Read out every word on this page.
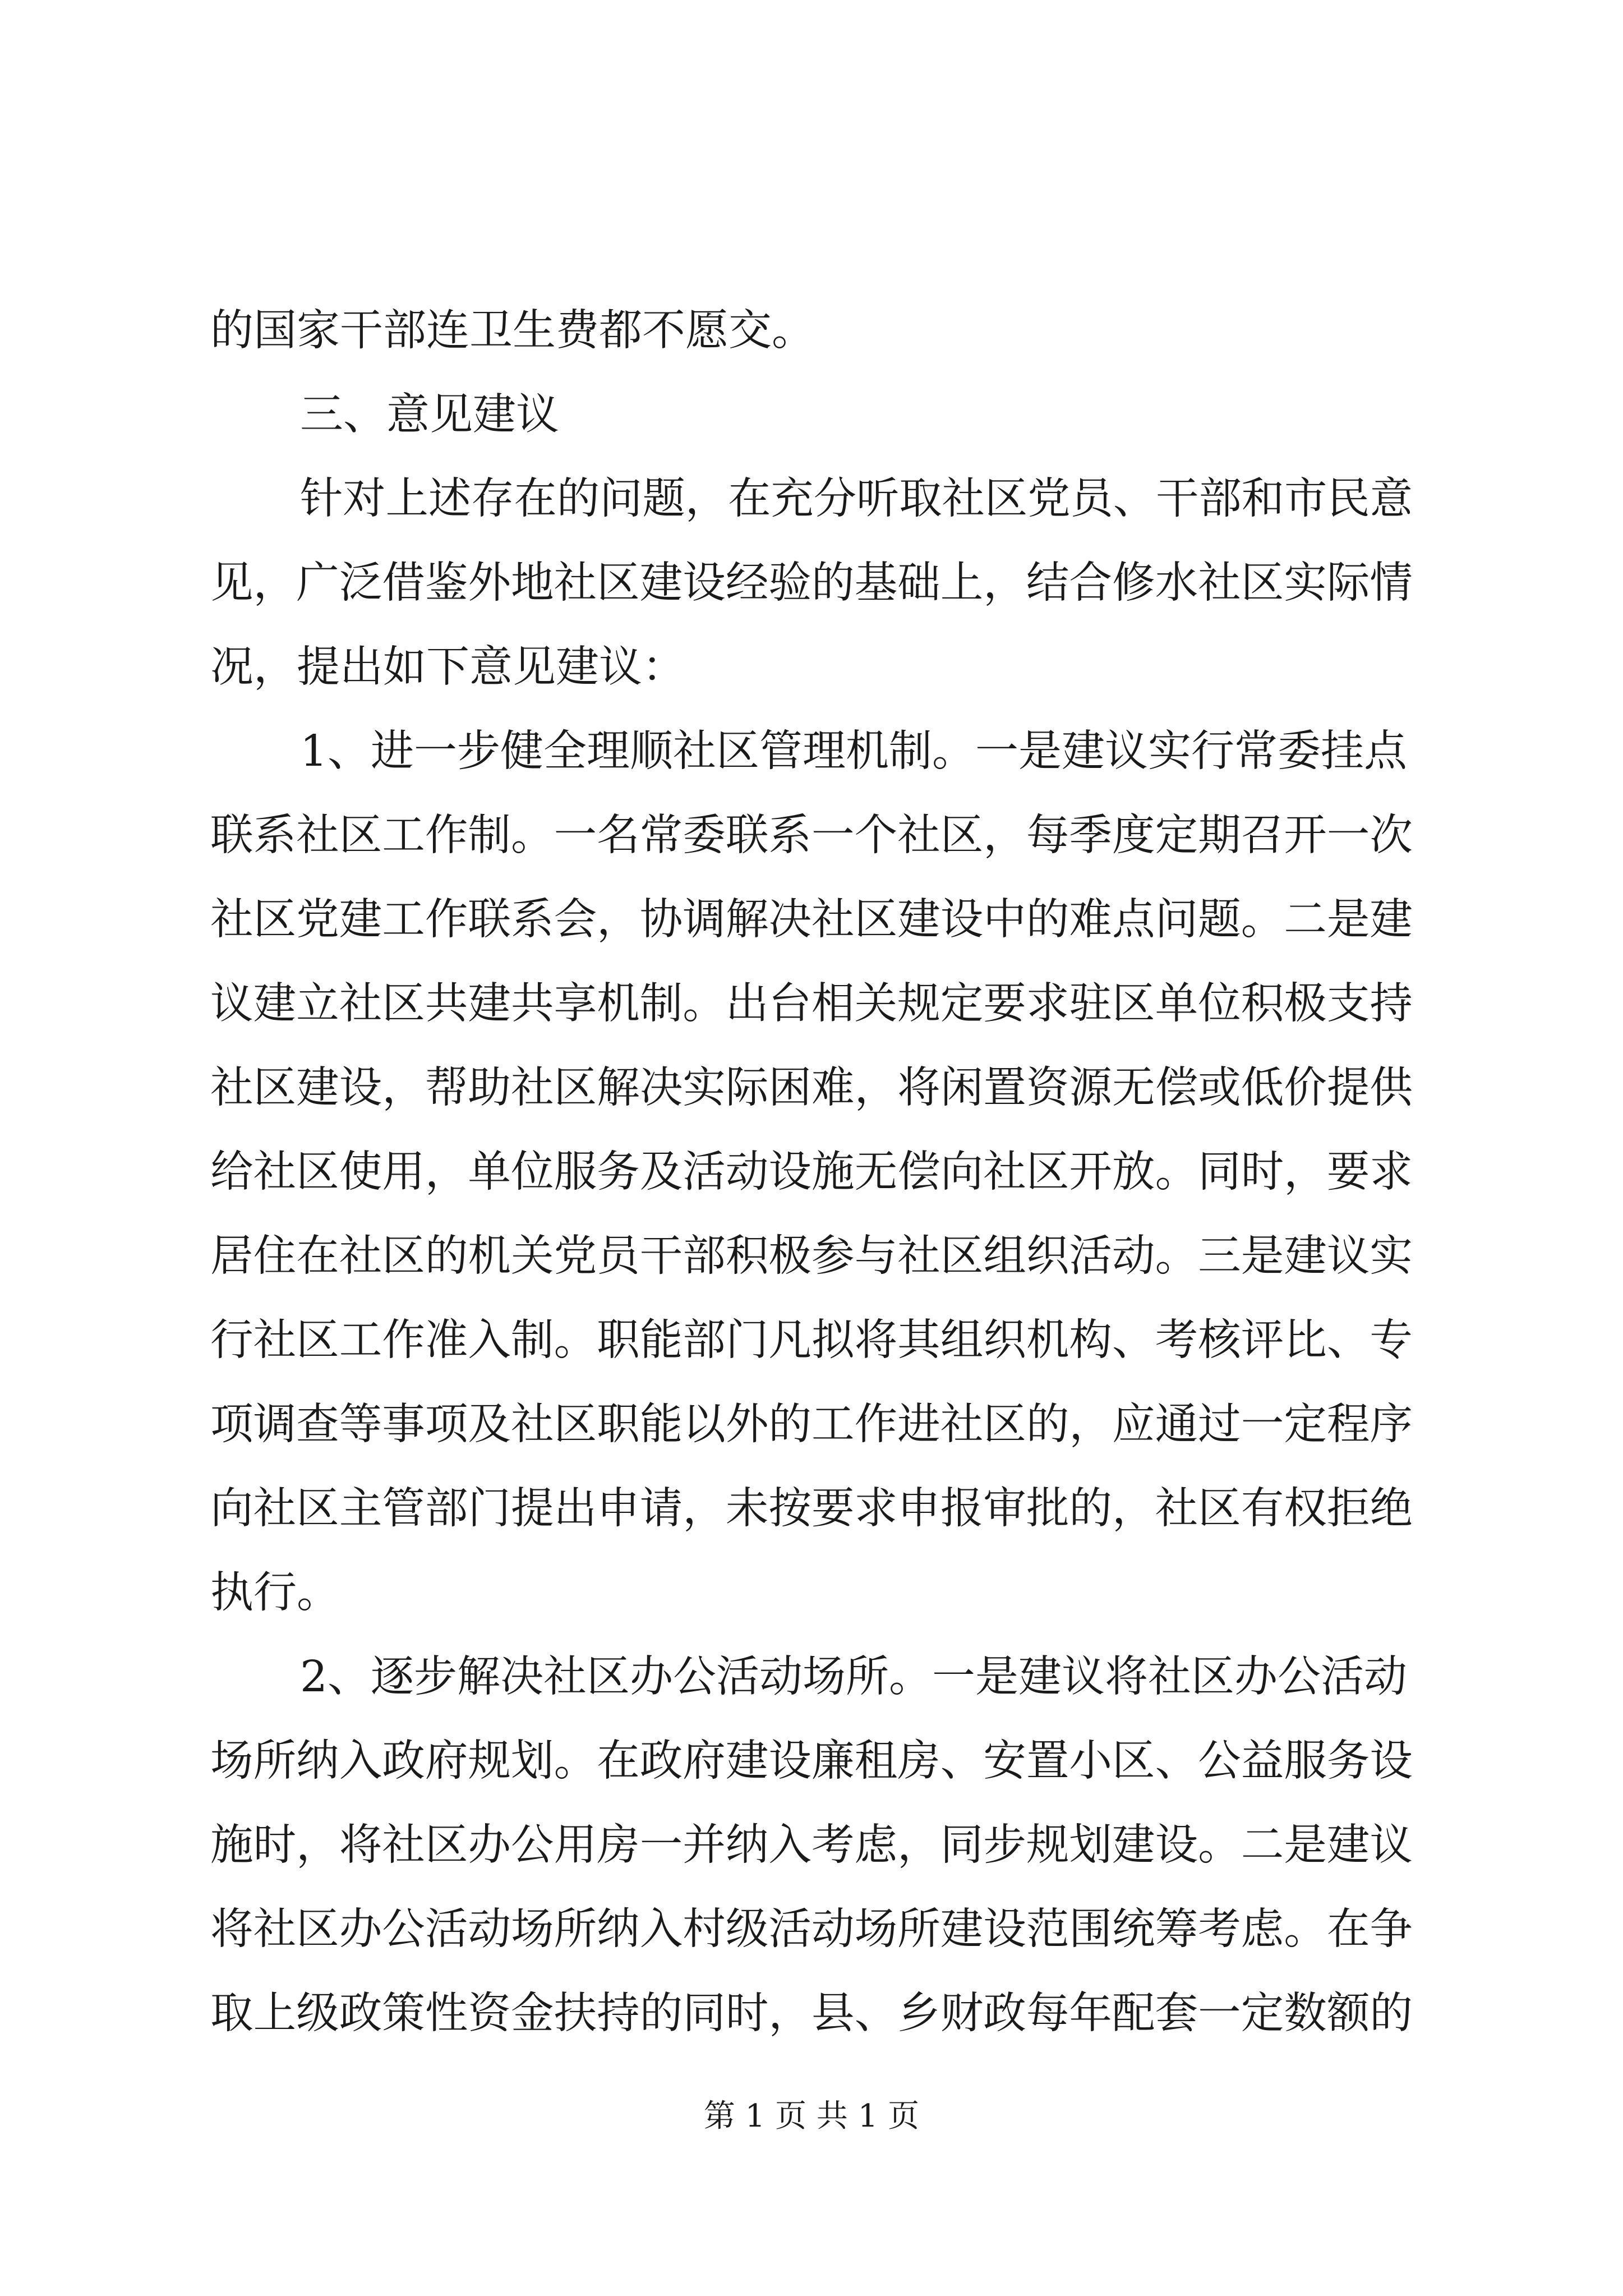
的国家干部连卫生费都不愿交。
三、意见建议
针对上述存在的问题，在充分听取社区党员、干部和市民意
见，广泛借鉴外地社区建设经验的基础上，结合修水社区实际情
况，提出如下意见建议：
1、进一步健全理顺社区管理机制。一是建议实行常委挂点
联系社区工作制。一名常委联系一个社区，每季度定期召开一次
社区党建工作联系会，协调解决社区建设中的难点问题。二是建
议建立社区共建共享机制。出台相关规定要求驻区单位积极支持
社区建设，帮助社区解决实际困难，将闲置资源无偿或低价提供
给社区使用，单位服务及活动设施无偿向社区开放。同时，要求
居住在社区的机关党员干部积极参与社区组织活动。三是建议实
行社区工作准入制。职能部门凡拟将其组织机构、考核评比、专
项调查等事项及社区职能以外的工作进社区的，应通过一定程序
向社区主管部门提出申请，未按要求申报审批的，社区有权拒绝
执行。
2、逐步解决社区办公活动场所。一是建议将社区办公活动
场所纳入政府规划。在政府建设廉租房、安置小区、公益服务设
施时，将社区办公用房一并纳入考虑，同步规划建设。二是建议
将社区办公活动场所纳入村级活动场所建设范围统筹考虑。在争
取上级政策性资金扶持的同时，县、乡财政每年配套一定数额的
第 1 页 共 1 页
